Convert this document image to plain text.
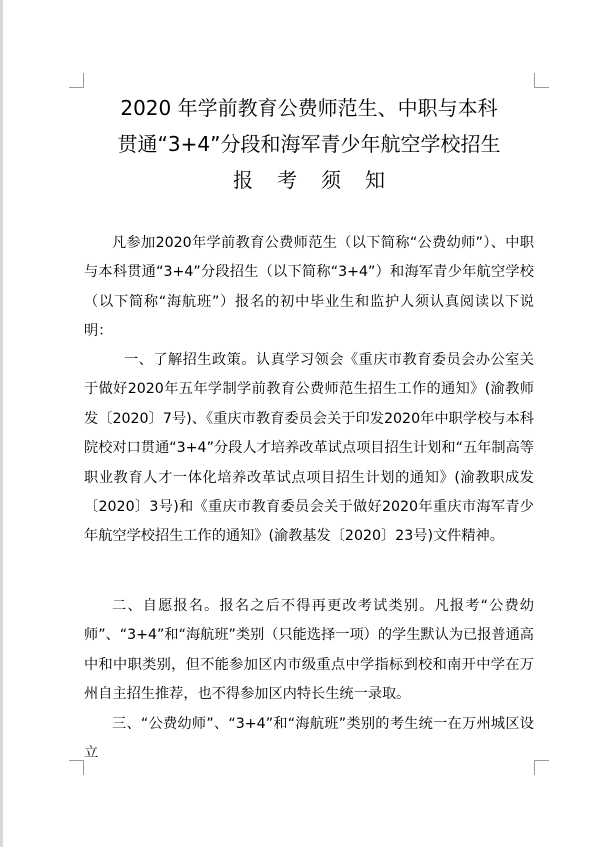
2020 年学前教育公费师范生、中职与本科
贯通“3+4”分段和海军青少年航空学校招生
报考须知

凡参加2020年学前教育公费师范生（以下简称“公费幼师”）、中职与本科贯通“3+4”分段招生（以下简称“3+4”）和海军青少年航空学校（以下简称“海航班”）报名的初中毕业生和监护人须认真阅读以下说明：

一、了解招生政策。认真学习领会《重庆市教育委员会办公室关于做好2020年五年学制学前教育公费师范生招生工作的通知》(渝教师发〔2020〕7号)、《重庆市教育委员会关于印发2020年中职学校与本科院校对口贯通“3+4”分段人才培养改革试点项目招生计划和“五年制高等职业教育人才一体化培养改革试点项目招生计划的通知》(渝教职成发〔2020〕3号)和《重庆市教育委员会关于做好2020年重庆市海军青少年航空学校招生工作的通知》(渝教基发〔2020〕23号)文件精神。

二、自愿报名。报名之后不得再更改考试类别。凡报考“公费幼师”、“3+4”和“海航班”类别（只能选择一项）的学生默认为已报普通高中和中职类别，但不能参加区内市级重点中学指标到校和南开中学在万州自主招生推荐，也不得参加区内特长生统一录取。

三、“公费幼师”、“3+4”和“海航班”类别的考生统一在万州城区设立
